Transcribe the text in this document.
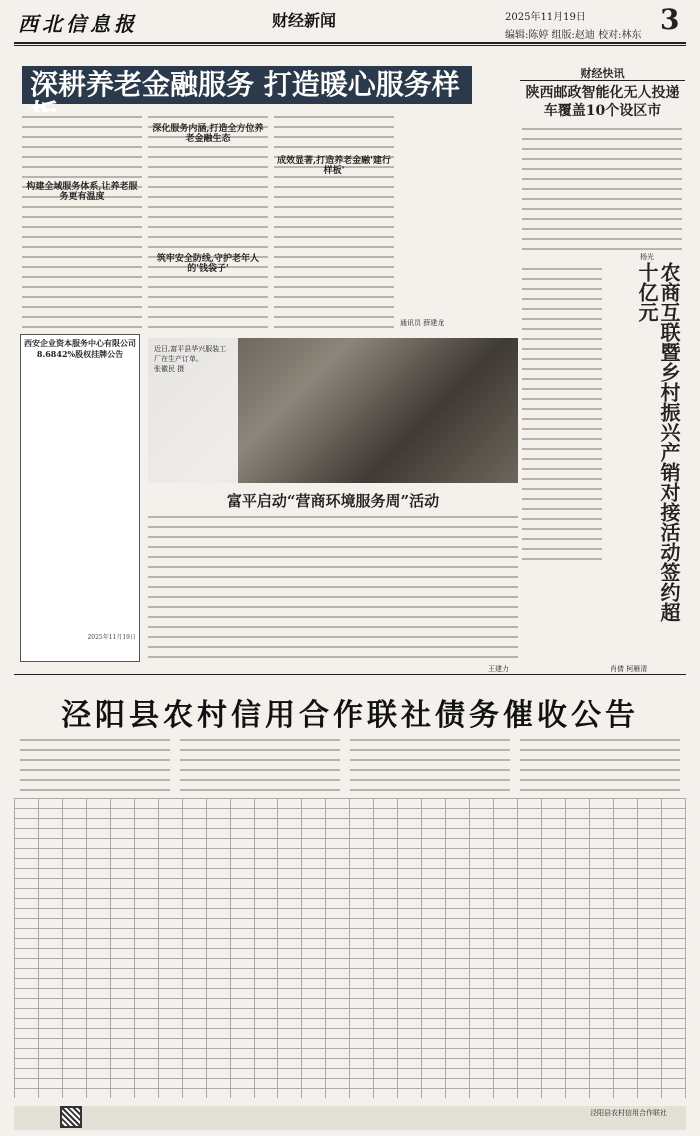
西北信息报	财经新闻	2025年11月19日	3
编辑:陈婷 组版:赵迪 校对:林东
深耕养老金融服务 打造暖心服务样
构建全域服务体系,让养老服务更有温度
深化服务内涵,打造全方位养老金融生态
筑牢安全防线,守护老年人的'钱袋子'
成效显著,打造养老金融'建行样板'
通讯员 薛建龙
财经快讯
陕西邮政智能化无人投递车覆盖10个设区市
杨光
农商互联暨乡村振兴产销对接活动签约超十亿元
肖倩 柯雁清
西安企业资本服务中心有限公司8.6842%股权挂牌公告
2025年11月19日
近日,富平县华兴服装工厂在生产订单。
张徽民 摄
富平启动“营商环境服务周”活动
王建力
泾阳县农村信用合作联社债务催收公告

泾阳县农村信用合作联社
